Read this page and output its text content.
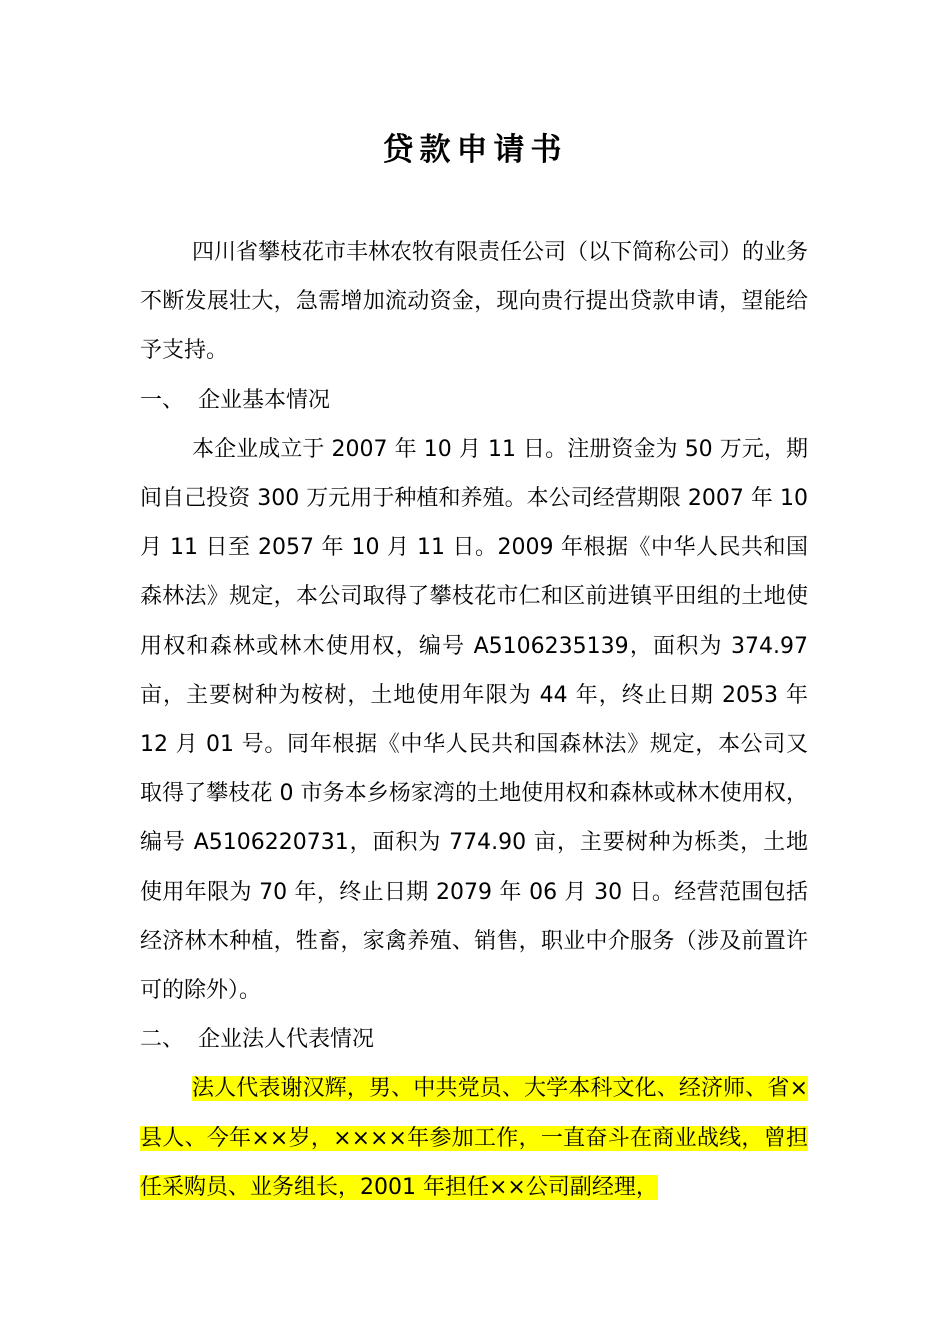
贷款申请书

四川省攀枝花市丰林农牧有限责任公司（以下简称公司）的业务不断发展壮大，急需增加流动资金，现向贵行提出贷款申请，望能给予支持。

一、  企业基本情况

本企业成立于 2007 年 10 月 11 日。注册资金为 50 万元，期间自己投资 300 万元用于种植和养殖。本公司经营期限 2007 年 10 月 11 日至 2057 年 10 月 11 日。2009 年根据《中华人民共和国森林法》规定，本公司取得了攀枝花市仁和区前进镇平田组的土地使用权和森林或林木使用权，编号 A5106235139，面积为 374.97 亩，主要树种为桉树，土地使用年限为 44 年，终止日期 2053 年 12 月 01 号。同年根据《中华人民共和国森林法》规定，本公司又取得了攀枝花 0 市务本乡杨家湾的土地使用权和森林或林木使用权，编号 A5106220731，面积为 774.90 亩，主要树种为栎类，土地使用年限为 70 年，终止日期 2079 年 06 月 30 日。经营范围包括经济林木种植，牲畜，家禽养殖、销售，职业中介服务（涉及前置许可的除外）。

二、  企业法人代表情况

法人代表谢汉辉，男、中共党员、大学本科文化、经济师、省×县人、今年××岁，××××年参加工作，一直奋斗在商业战线，曾担任采购员、业务组长，2001 年担任××公司副经理，
